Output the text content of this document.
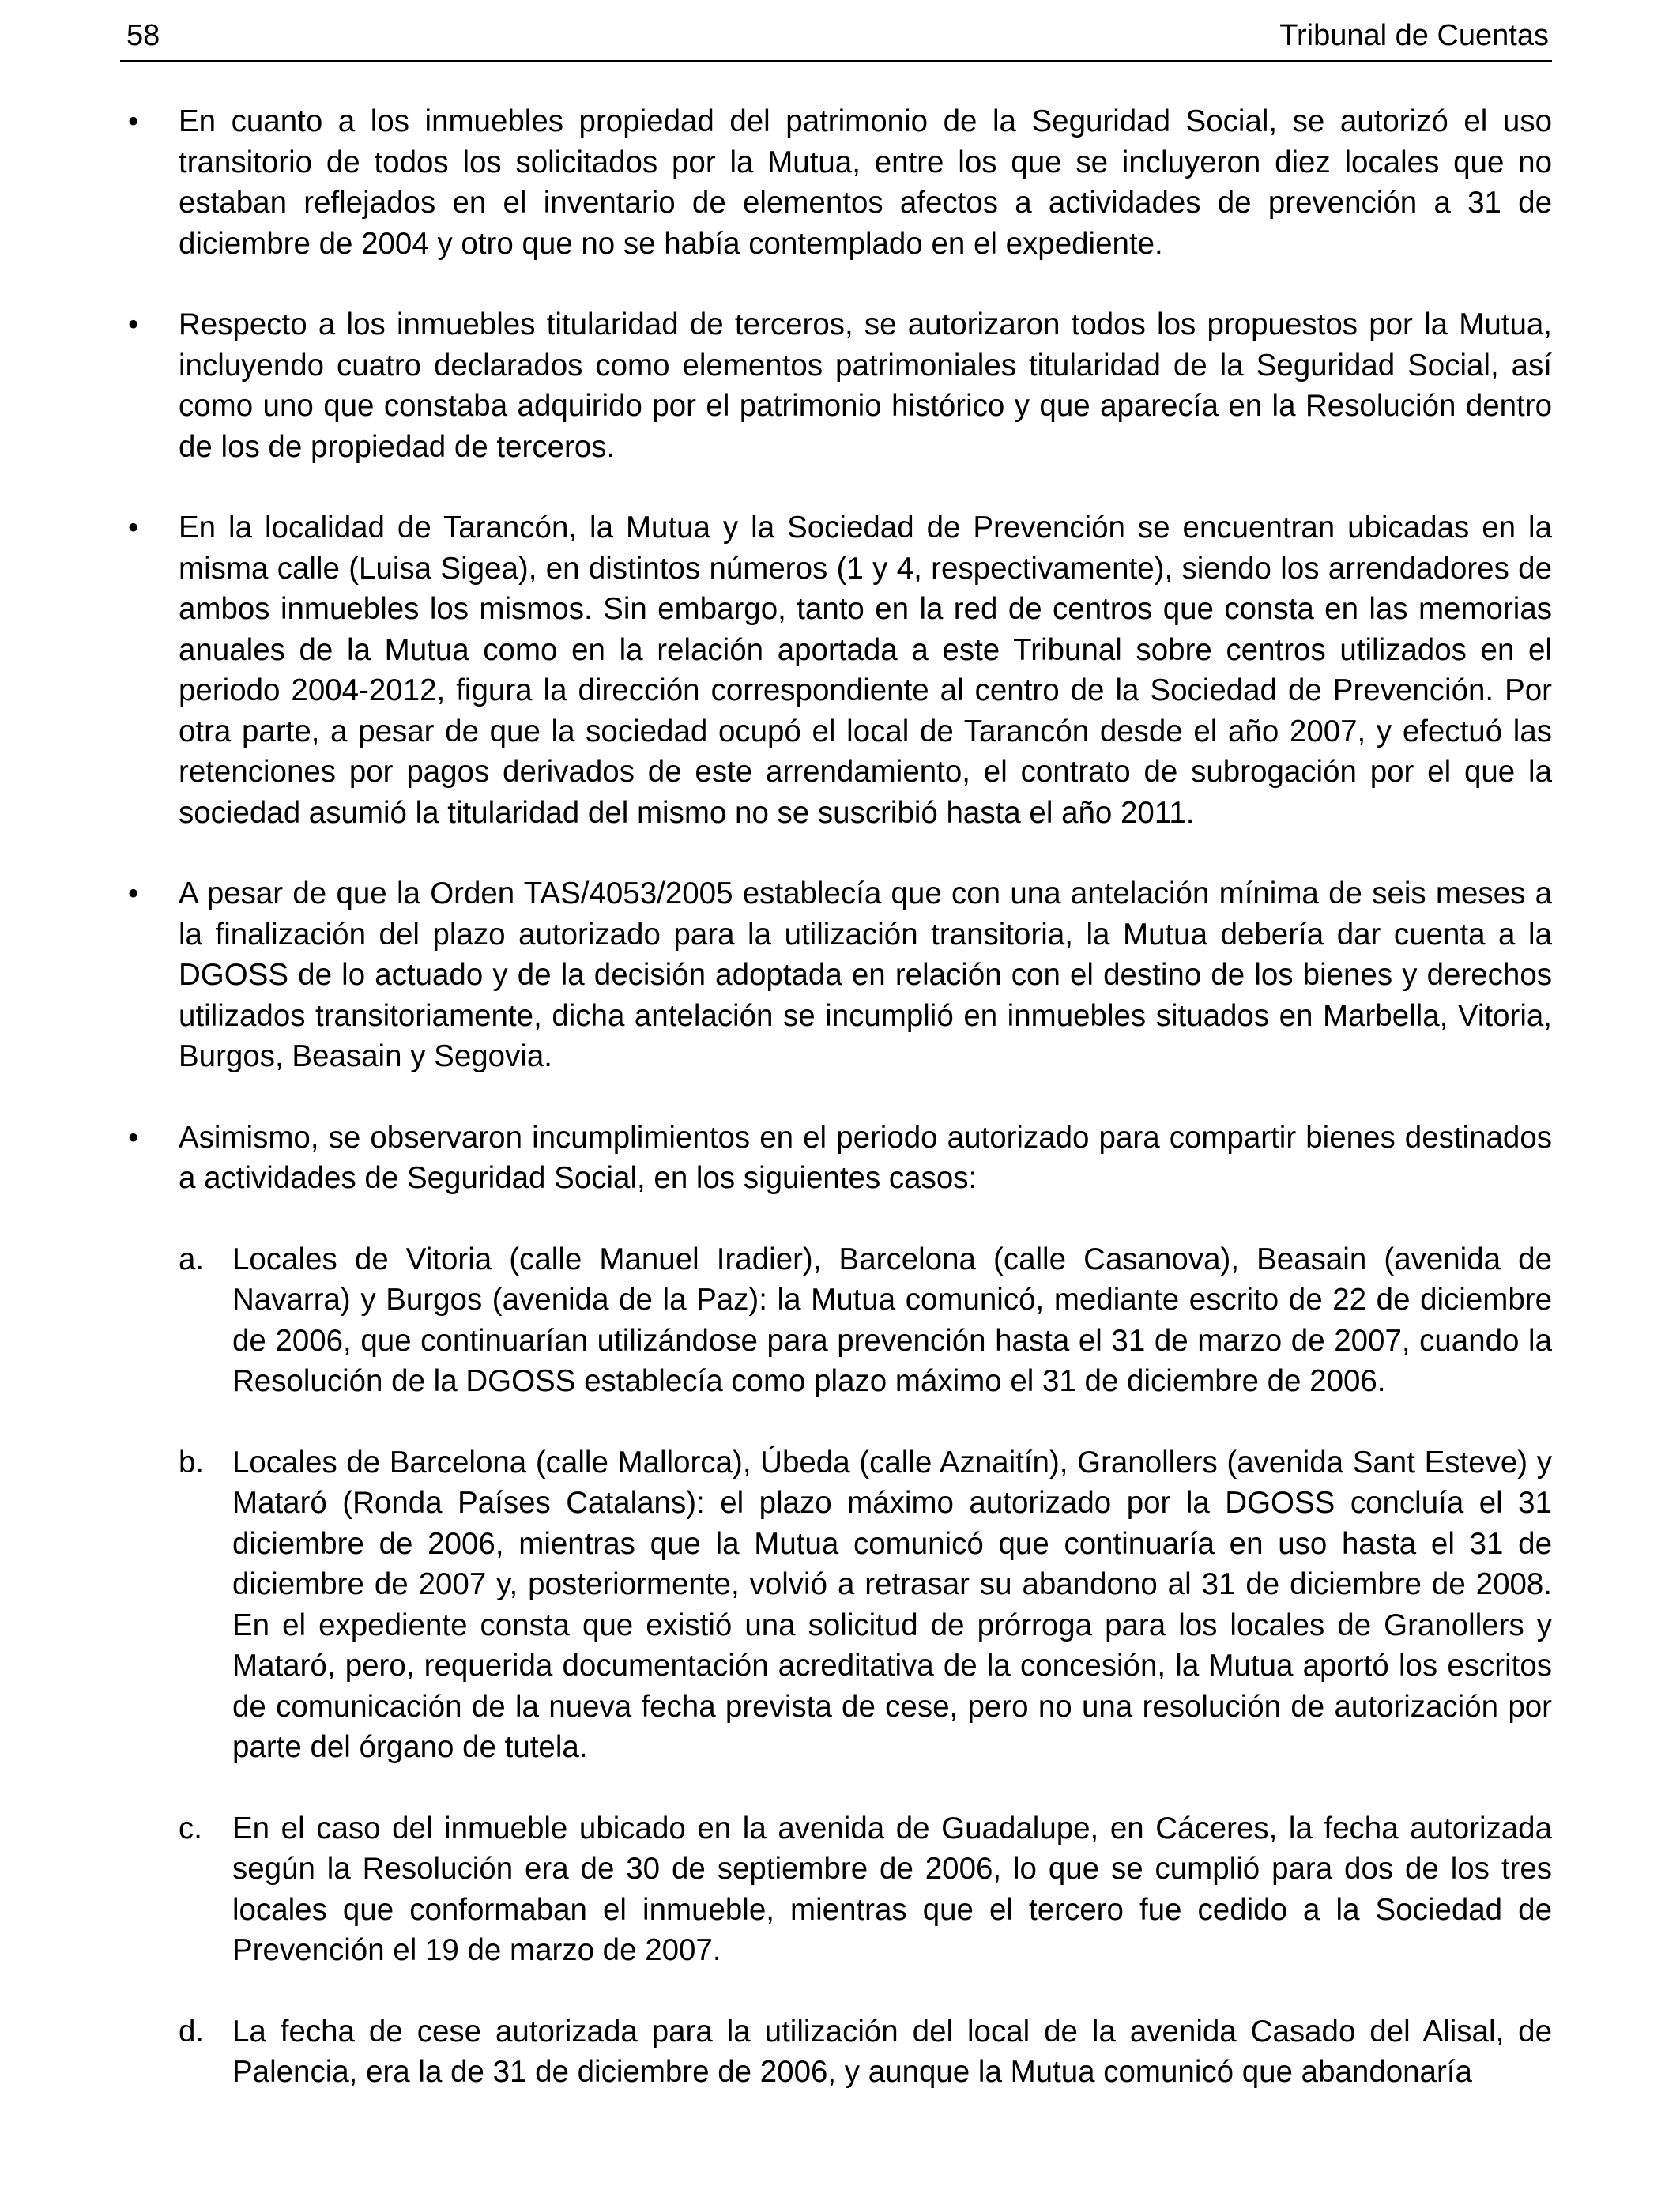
58	Tribunal de Cuentas
• En cuanto a los inmuebles propiedad del patrimonio de la Seguridad Social, se autorizó el uso transitorio de todos los solicitados por la Mutua, entre los que se incluyeron diez locales que no estaban reflejados en el inventario de elementos afectos a actividades de prevención a 31 de diciembre de 2004 y otro que no se había contemplado en el expediente.

• Respecto a los inmuebles titularidad de terceros, se autorizaron todos los propuestos por la Mutua, incluyendo cuatro declarados como elementos patrimoniales titularidad de la Seguridad Social, así como uno que constaba adquirido por el patrimonio histórico y que aparecía en la Resolución dentro de los de propiedad de terceros.

• En la localidad de Tarancón, la Mutua y la Sociedad de Prevención se encuentran ubicadas en la misma calle (Luisa Sigea), en distintos números (1 y 4, respectivamente), siendo los arrendadores de ambos inmuebles los mismos. Sin embargo, tanto en la red de centros que consta en las memorias anuales de la Mutua como en la relación aportada a este Tribunal sobre centros utilizados en el periodo 2004-2012, figura la dirección correspondiente al centro de la Sociedad de Prevención. Por otra parte, a pesar de que la sociedad ocupó el local de Tarancón desde el año 2007, y efectuó las retenciones por pagos derivados de este arrendamiento, el contrato de subrogación por el que la sociedad asumió la titularidad del mismo no se suscribió hasta el año 2011.

• A pesar de que la Orden TAS/4053/2005 establecía que con una antelación mínima de seis meses a la finalización del plazo autorizado para la utilización transitoria, la Mutua debería dar cuenta a la DGOSS de lo actuado y de la decisión adoptada en relación con el destino de los bienes y derechos utilizados transitoriamente, dicha antelación se incumplió en inmuebles situados en Marbella, Vitoria, Burgos, Beasain y Segovia.

• Asimismo, se observaron incumplimientos en el periodo autorizado para compartir bienes destinados a actividades de Seguridad Social, en los siguientes casos:

a. Locales de Vitoria (calle Manuel Iradier), Barcelona (calle Casanova), Beasain (avenida de Navarra) y Burgos (avenida de la Paz): la Mutua comunicó, mediante escrito de 22 de diciembre de 2006, que continuarían utilizándose para prevención hasta el 31 de marzo de 2007, cuando la Resolución de la DGOSS establecía como plazo máximo el 31 de diciembre de 2006.

b. Locales de Barcelona (calle Mallorca), Úbeda (calle Aznaitín), Granollers (avenida Sant Esteve) y Mataró (Ronda Países Catalans): el plazo máximo autorizado por la DGOSS concluía el 31 diciembre de 2006, mientras que la Mutua comunicó que continuaría en uso hasta el 31 de diciembre de 2007 y, posteriormente, volvió a retrasar su abandono al 31 de diciembre de 2008. En el expediente consta que existió una solicitud de prórroga para los locales de Granollers y Mataró, pero, requerida documentación acreditativa de la concesión, la Mutua aportó los escritos de comunicación de la nueva fecha prevista de cese, pero no una resolución de autorización por parte del órgano de tutela.

c. En el caso del inmueble ubicado en la avenida de Guadalupe, en Cáceres, la fecha autorizada según la Resolución era de 30 de septiembre de 2006, lo que se cumplió para dos de los tres locales que conformaban el inmueble, mientras que el tercero fue cedido a la Sociedad de Prevención el 19 de marzo de 2007.

d. La fecha de cese autorizada para la utilización del local de la avenida Casado del Alisal, de Palencia, era la de 31 de diciembre de 2006, y aunque la Mutua comunicó que abandonaría
